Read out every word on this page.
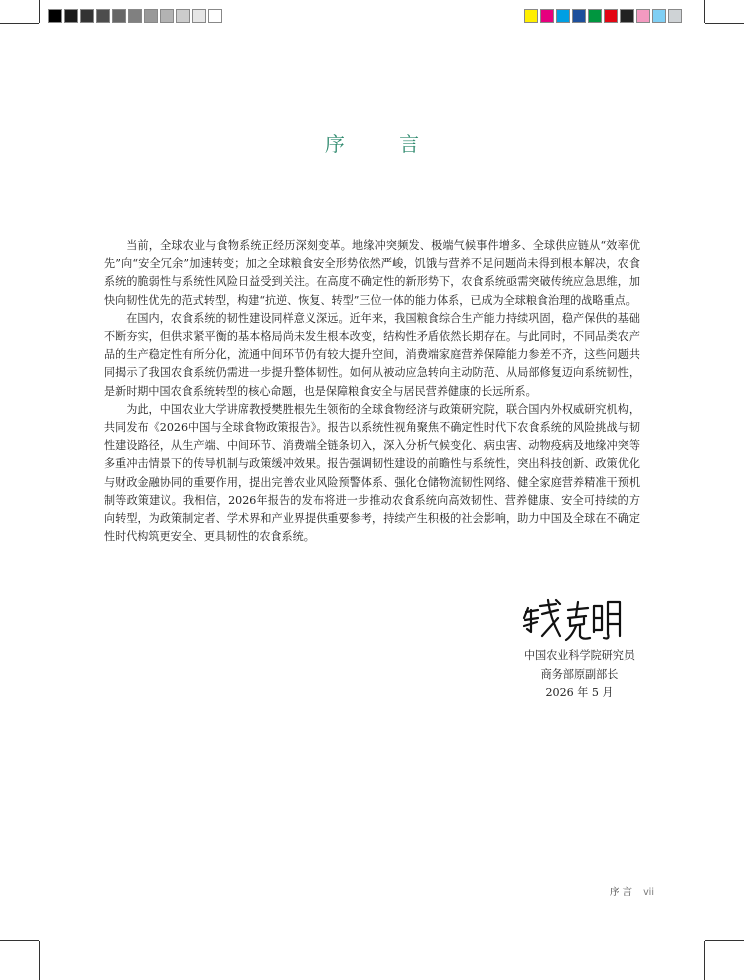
序 言

当前，全球农业与食物系统正经历深刻变革。地缘冲突频发、极端气候事件增多、全球供应链从“效率优先”向“安全冗余”加速转变；加之全球粮食安全形势依然严峻，饥饿与营养不足问题尚未得到根本解决，农食系统的脆弱性与系统性风险日益受到关注。在高度不确定性的新形势下，农食系统亟需突破传统应急思维，加快向韧性优先的范式转型，构建“抗逆、恢复、转型”三位一体的能力体系，已成为全球粮食治理的战略重点。

在国内，农食系统的韧性建设同样意义深远。近年来，我国粮食综合生产能力持续巩固，稳产保供的基础不断夯实，但供求紧平衡的基本格局尚未发生根本改变，结构性矛盾依然长期存在。与此同时，不同品类农产品的生产稳定性有所分化，流通中间环节仍有较大提升空间，消费端家庭营养保障能力参差不齐，这些问题共同揭示了我国农食系统仍需进一步提升整体韧性。如何从被动应急转向主动防范、从局部修复迈向系统韧性，是新时期中国农食系统转型的核心命题，也是保障粮食安全与居民营养健康的长远所系。

为此，中国农业大学讲席教授樊胜根先生领衔的全球食物经济与政策研究院，联合国内外权威研究机构，共同发布《2026中国与全球食物政策报告》。报告以系统性视角聚焦不确定性时代下农食系统的风险挑战与韧性建设路径，从生产端、中间环节、消费端全链条切入，深入分析气候变化、病虫害、动物疫病及地缘冲突等多重冲击情景下的传导机制与政策缓冲效果。报告强调韧性建设的前瞻性与系统性，突出科技创新、政策优化与财政金融协同的重要作用，提出完善农业风险预警体系、强化仓储物流韧性网络、健全家庭营养精准干预机制等政策建议。我相信，2026年报告的发布将进一步推动农食系统向高效韧性、营养健康、安全可持续的方向转型，为政策制定者、学术界和产业界提供重要参考，持续产生积极的社会影响，助力中国及全球在不确定性时代构筑更安全、更具韧性的农食系统。

中国农业科学院研究员
商务部原副部长
2026 年 5 月
序 言 vii
